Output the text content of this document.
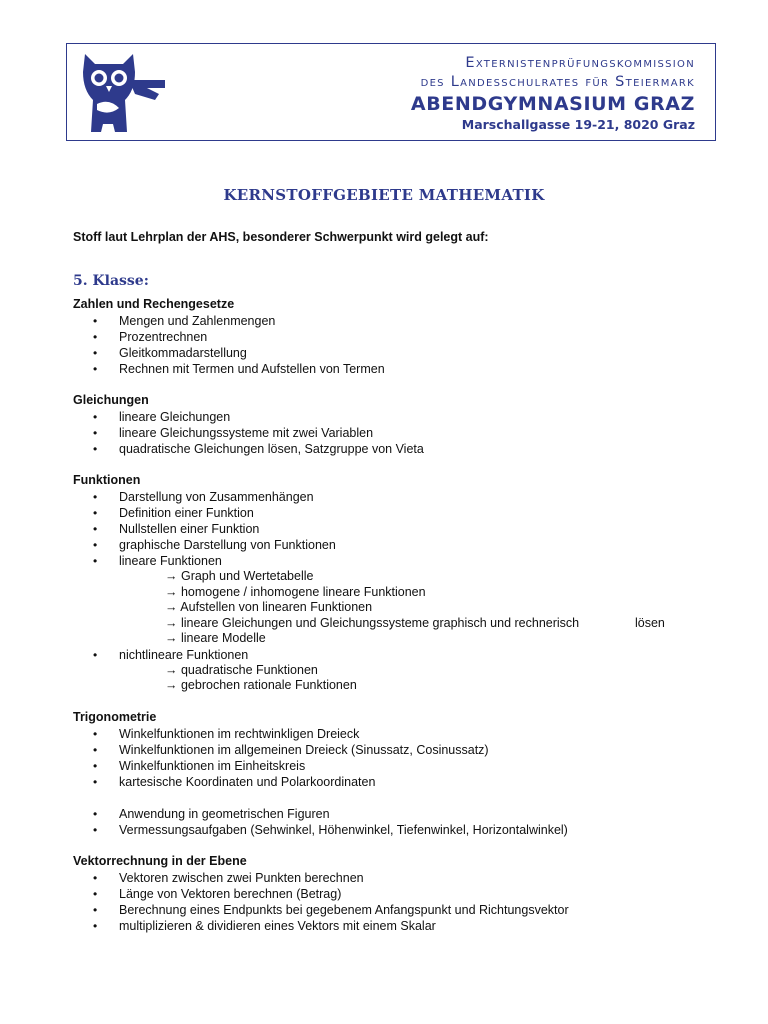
Externistenprüfungskommission
des Landesschulrates für Steiermark
ABENDGYMNASIUM GRAZ
Marschallgasse 19-21, 8020 Graz
KERNSTOFFGEBIETE MATHEMATIK
Stoff laut Lehrplan der AHS, besonderer Schwerpunkt wird gelegt auf:
5. Klasse:
Zahlen und Rechengesetze
• Mengen und Zahlenmengen
• Prozentrechnen
• Gleitkommadarstellung
• Rechnen mit Termen und Aufstellen von Termen
Gleichungen
• lineare Gleichungen
• lineare Gleichungssysteme mit zwei Variablen
• quadratische Gleichungen lösen, Satzgruppe von Vieta
Funktionen
• Darstellung von Zusammenhängen
• Definition einer Funktion
• Nullstellen einer Funktion
• graphische Darstellung von Funktionen
• lineare Funktionen
→ Graph und Wertetabelle
→ homogene / inhomogene lineare Funktionen
→ Aufstellen von linearen Funktionen
→ lineare Gleichungen und Gleichungssysteme graphisch und rechnerisch	lösen
→ lineare Modelle
• nichtlineare Funktionen
→ quadratische Funktionen
→ gebrochen rationale Funktionen
Trigonometrie
• Winkelfunktionen im rechtwinkligen Dreieck
• Winkelfunktionen im allgemeinen Dreieck (Sinussatz, Cosinussatz)
• Winkelfunktionen im Einheitskreis
• kartesische Koordinaten und Polarkoordinaten
• Anwendung in geometrischen Figuren
• Vermessungsaufgaben (Sehwinkel, Höhenwinkel, Tiefenwinkel, Horizontalwinkel)
Vektorrechnung in der Ebene
• Vektoren zwischen zwei Punkten berechnen
• Länge von Vektoren berechnen (Betrag)
• Berechnung eines Endpunkts bei gegebenem Anfangspunkt und Richtungsvektor
• multiplizieren & dividieren eines Vektors mit einem Skalar
